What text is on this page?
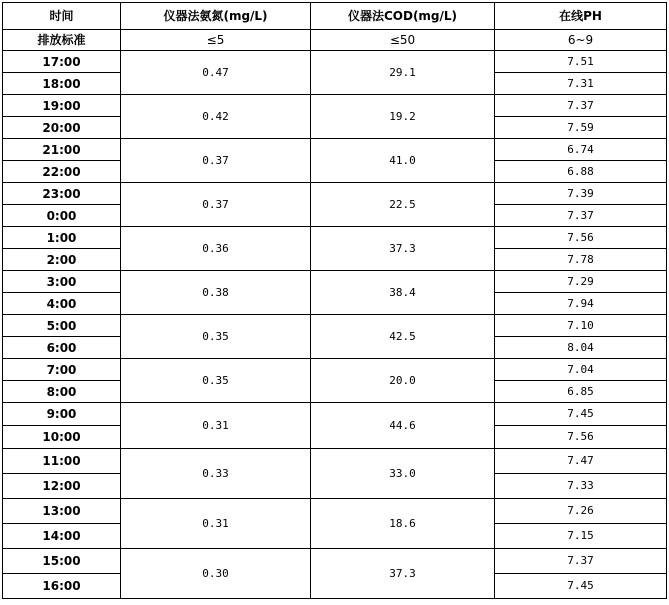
时间	仪器法氨氮(mg/L)	仪器法COD(mg/L)	在线PH
排放标准	≤5	≤50	6~9
17:00	0.47	29.1	7.51
18:00			7.31
19:00	0.42	19.2	7.37
20:00			7.59
21:00	0.37	41.0	6.74
22:00			6.88
23:00	0.37	22.5	7.39
0:00			7.37
1:00	0.36	37.3	7.56
2:00			7.78
3:00	0.38	38.4	7.29
4:00			7.94
5:00	0.35	42.5	7.10
6:00			8.04
7:00	0.35	20.0	7.04
8:00			6.85
9:00	0.31	44.6	7.45
10:00			7.56
11:00	0.33	33.0	7.47
12:00			7.33
13:00	0.31	18.6	7.26
14:00			7.15
15:00	0.30	37.3	7.37
16:00			7.45
